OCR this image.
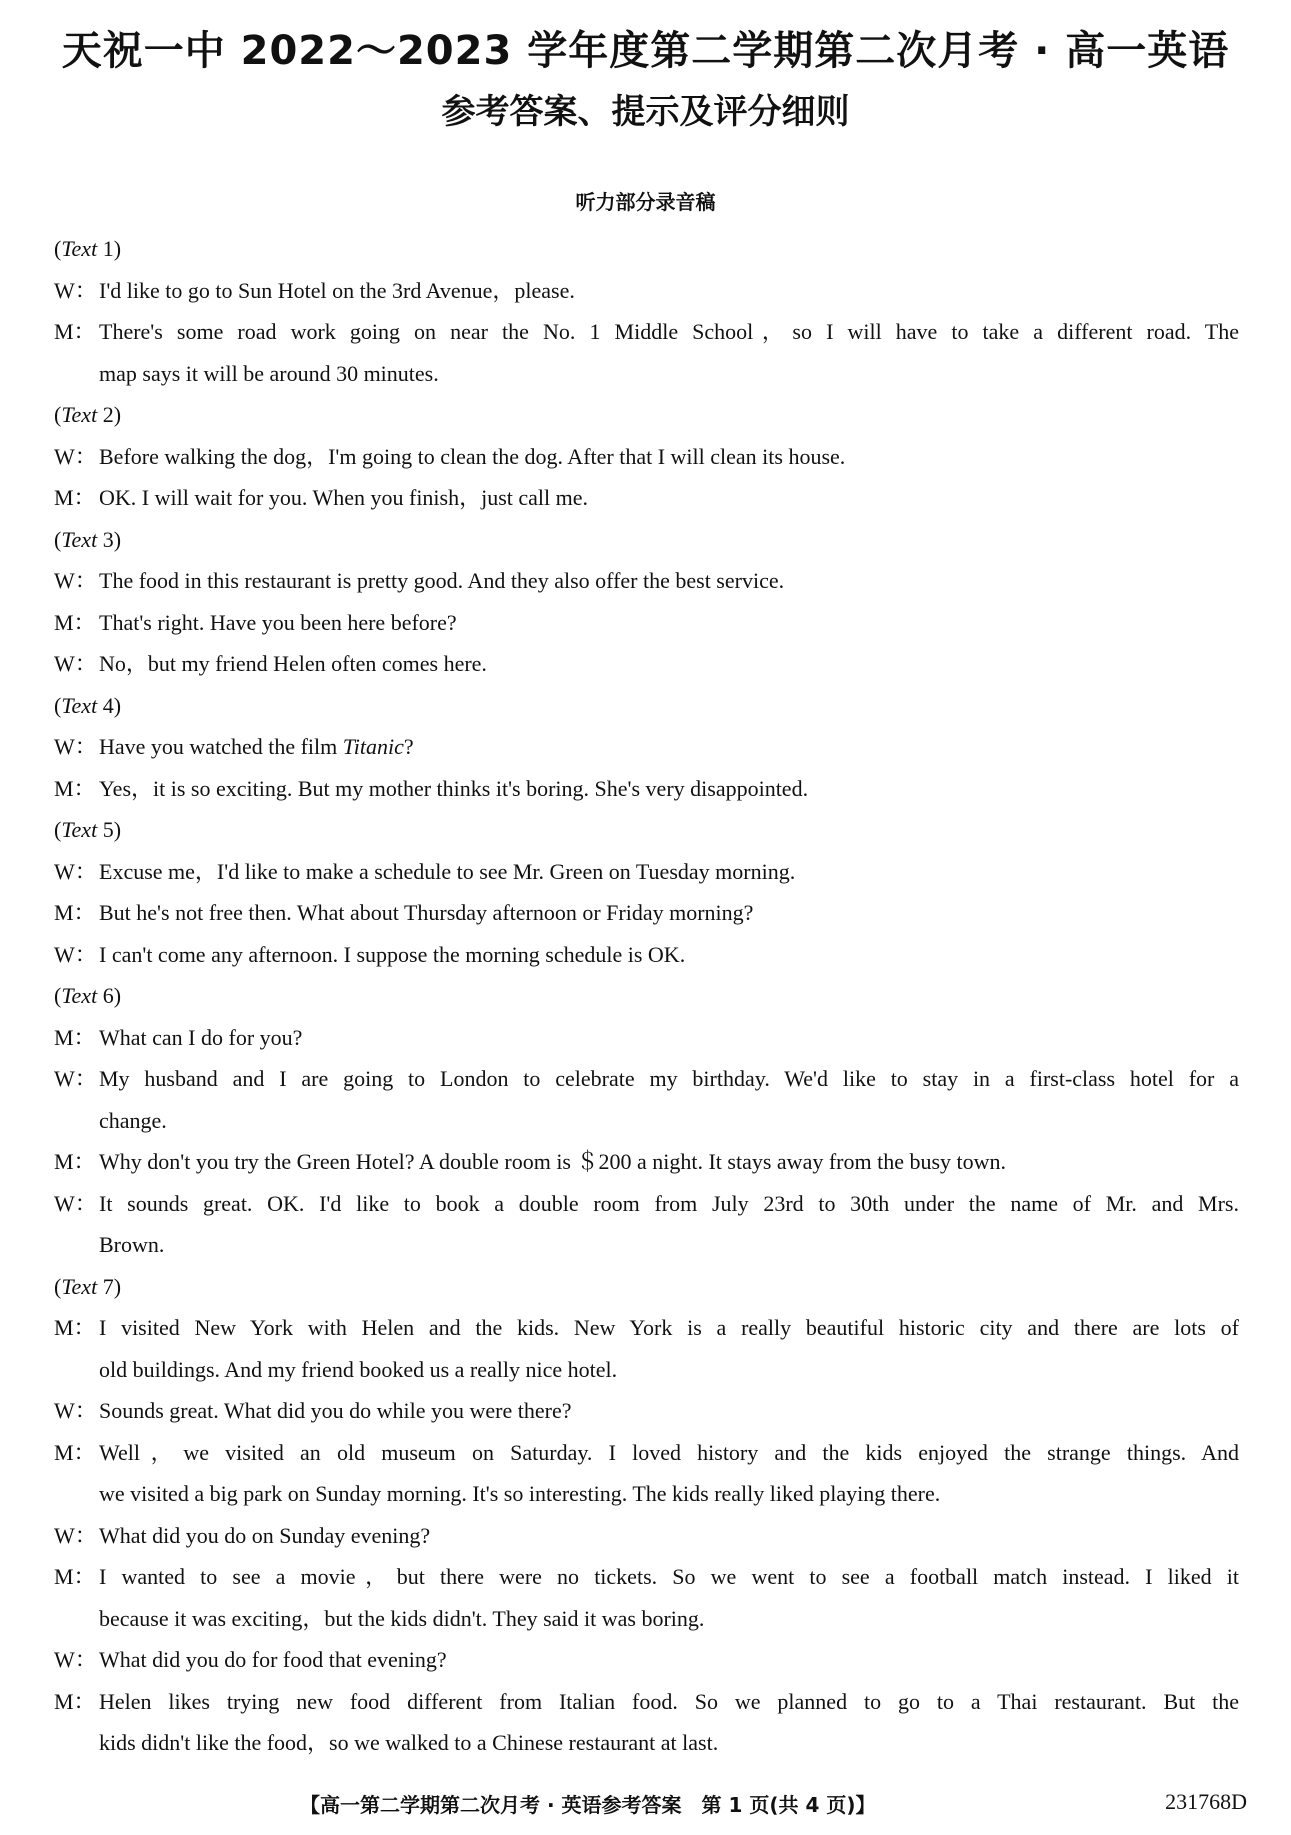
天祝一中 2022～2023 学年度第二学期第二次月考 · 高一英语
参考答案、提示及评分细则
听力部分录音稿
(Text 1)
W： I'd like to go to Sun Hotel on the 3rd Avenue，please.
M： There's some road work going on near the No. 1 Middle School，so I will have to take a different road. The
map says it will be around 30 minutes.
(Text 2)
W： Before walking the dog，I'm going to clean the dog. After that I will clean its house.
M： OK. I will wait for you. When you finish，just call me.
(Text 3)
W： The food in this restaurant is pretty good. And they also offer the best service.
M： That's right. Have you been here before?
W： No，but my friend Helen often comes here.
(Text 4)
W： Have you watched the film Titanic?
M： Yes，it is so exciting. But my mother thinks it's boring. She's very disappointed.
(Text 5)
W： Excuse me，I'd like to make a schedule to see Mr. Green on Tuesday morning.
M： But he's not free then. What about Thursday afternoon or Friday morning?
W： I can't come any afternoon. I suppose the morning schedule is OK.
(Text 6)
M： What can I do for you?
W： My husband and I are going to London to celebrate my birthday. We'd like to stay in a first-class hotel for a
change.
M： Why don't you try the Green Hotel? A double room is ＄200 a night. It stays away from the busy town.
W： It sounds great. OK. I'd like to book a double room from July 23rd to 30th under the name of Mr. and Mrs.
Brown.
(Text 7)
M： I visited New York with Helen and the kids. New York is a really beautiful historic city and there are lots of
old buildings. And my friend booked us a really nice hotel.
W： Sounds great. What did you do while you were there?
M： Well，we visited an old museum on Saturday. I loved history and the kids enjoyed the strange things. And
we visited a big park on Sunday morning. It's so interesting. The kids really liked playing there.
W： What did you do on Sunday evening?
M： I wanted to see a movie，but there were no tickets. So we went to see a football match instead. I liked it
because it was exciting，but the kids didn't. They said it was boring.
W： What did you do for food that evening?
M： Helen likes trying new food different from Italian food. So we planned to go to a Thai restaurant. But the
kids didn't like the food，so we walked to a Chinese restaurant at last.
【高一第二学期第二次月考 · 英语参考答案　第 1 页(共 4 页)】	231768D
